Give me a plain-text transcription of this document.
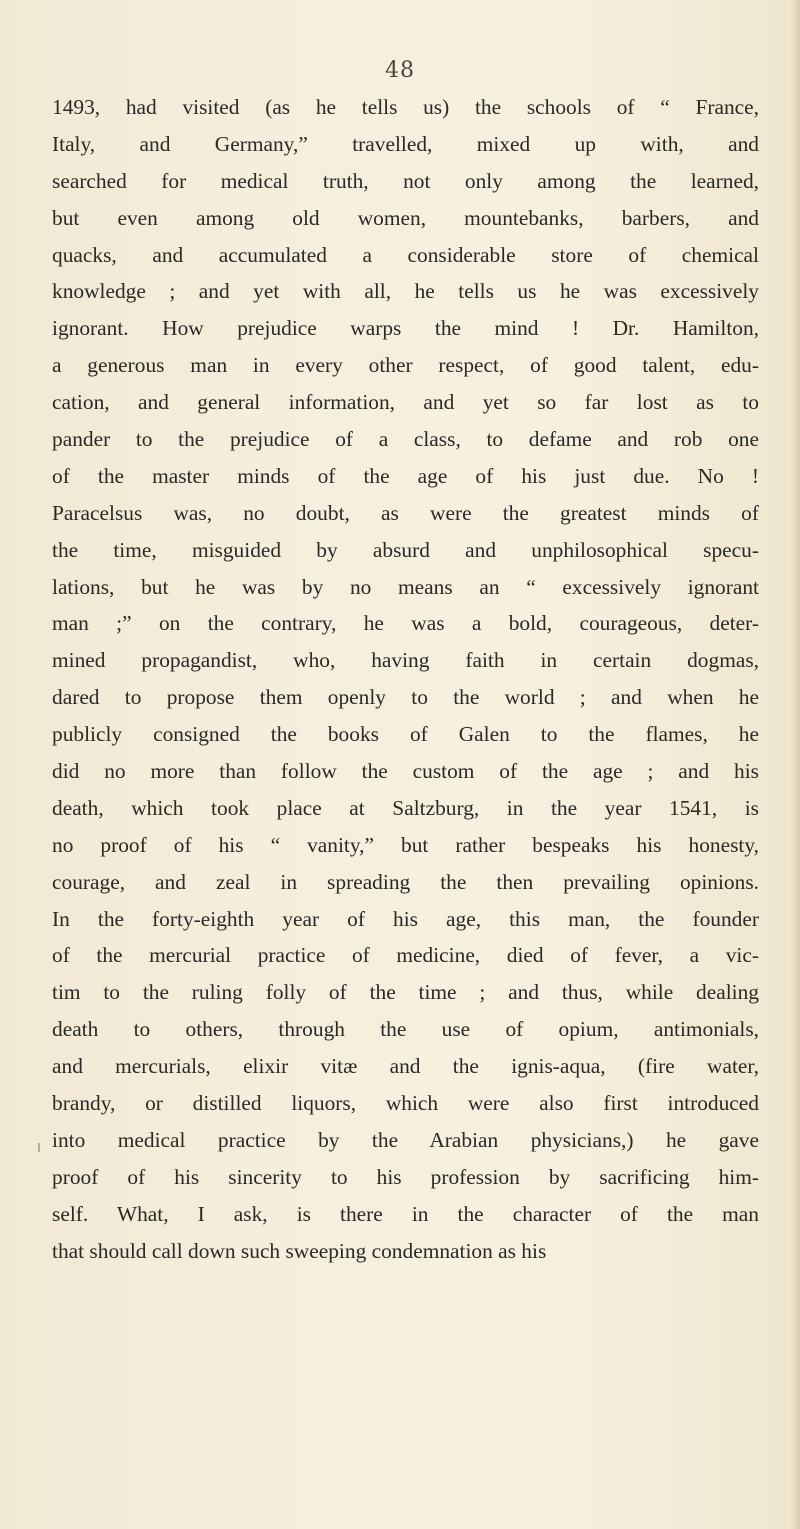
48

1493, had visited (as he tells us) the schools of “ France,
Italy, and Germany,” travelled, mixed up with, and
searched for medical truth, not only among the learned,
but even among old women, mountebanks, barbers, and
quacks, and accumulated a considerable store of chemical
knowledge ; and yet with all, he tells us he was excessively
ignorant. How prejudice warps the mind ! Dr. Hamilton,
a generous man in every other respect, of good talent, edu-
cation, and general information, and yet so far lost as to
pander to the prejudice of a class, to defame and rob one
of the master minds of the age of his just due. No !
Paracelsus was, no doubt, as were the greatest minds of
the time, misguided by absurd and unphilosophical specu-
lations, but he was by no means an “ excessively ignorant
man ;” on the contrary, he was a bold, courageous, deter-
mined propagandist, who, having faith in certain dogmas,
dared to propose them openly to the world ; and when he
publicly consigned the books of Galen to the flames, he
did no more than follow the custom of the age ; and his
death, which took place at Saltzburg, in the year 1541, is
no proof of his “ vanity,” but rather bespeaks his honesty,
courage, and zeal in spreading the then prevailing opinions.
In the forty-eighth year of his age, this man, the founder
of the mercurial practice of medicine, died of fever, a vic-
tim to the ruling folly of the time ; and thus, while dealing
death to others, through the use of opium, antimonials,
and mercurials, elixir vitæ and the ignis-aqua, (fire water,
brandy, or distilled liquors, which were also first introduced
into medical practice by the Arabian physicians,) he gave
proof of his sincerity to his profession by sacrificing him-
self. What, I ask, is there in the character of the man
that should call down such sweeping condemnation as his
